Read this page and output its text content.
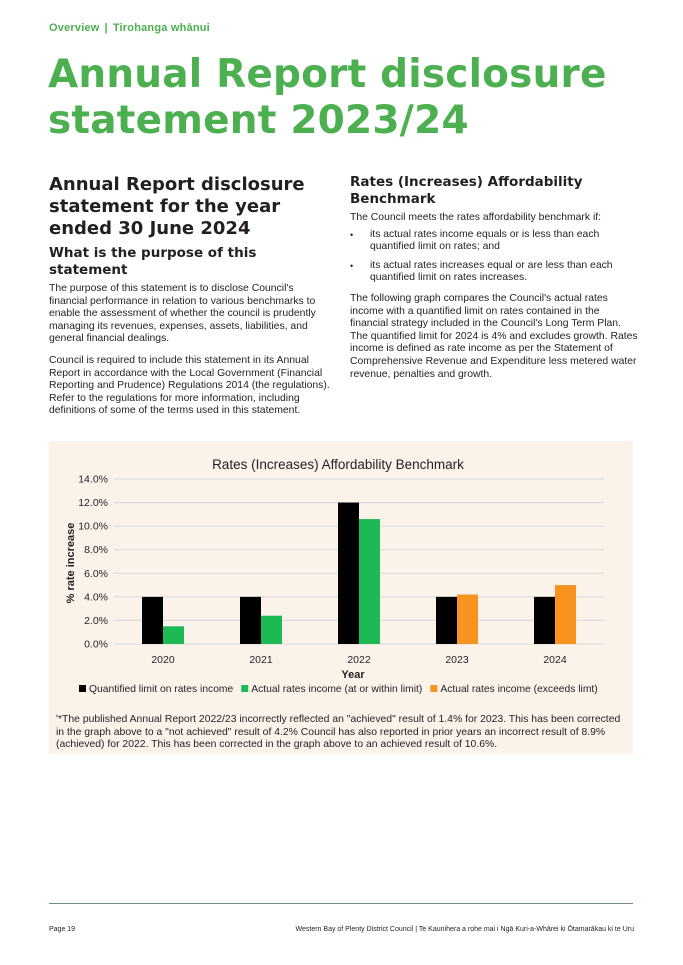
Overview | Tirohanga whānui
Annual Report disclosure statement 2023/24
Annual Report disclosure statement for the year ended 30 June 2024
What is the purpose of this statement

The purpose of this statement is to disclose Council's financial performance in relation to various benchmarks to enable the assessment of whether the council is prudently managing its revenues, expenses, assets, liabilities, and general financial dealings.

Council is required to include this statement in its Annual Report in accordance with the Local Government (Financial Reporting and Prudence) Regulations 2014 (the regulations). Refer to the regulations for more information, including definitions of some of the terms used in this statement.

Rates (Increases) Affordability Benchmark

The Council meets the rates affordability benchmark if:

• its actual rates income equals or is less than each quantified limit on rates; and
• its actual rates increases equal or are less than each quantified limit on rates increases.

The following graph compares the Council's actual rates income with a quantified limit on rates contained in the financial strategy included in the Council's Long Term Plan. The quantified limit for 2024 is 4% and excludes growth. Rates income is defined as rate income as per the Statement of Comprehensive Revenue and Expenditure less metered water revenue, penalties and growth.

Rates (Increases) Affordability Benchmark
0.0%
2.0%
4.0%
6.0%
8.0%
10.0%
12.0%
14.0%
2020	2021	2022	2023	2024
% rate increase
Year
Quantified limit on rates income Actual rates income (at or within limit) Actual rates income (exceeds limt)

'*The published Annual Report 2022/23 incorrectly reflected an "achieved" result of 1.4% for 2023. This has been corrected in the graph above to a "not achieved" result of 4.2% Council has also reported in prior years an incorrect result of 8.9% (achieved) for 2022. This has been corrected in the graph above to an achieved result of 10.6%.

Page 19	Western Bay of Plenty District Council | Te Kaunihera a rohe mai i Ngā Kuri-a-Whārei ki Ōtamarākau ki te Uru
